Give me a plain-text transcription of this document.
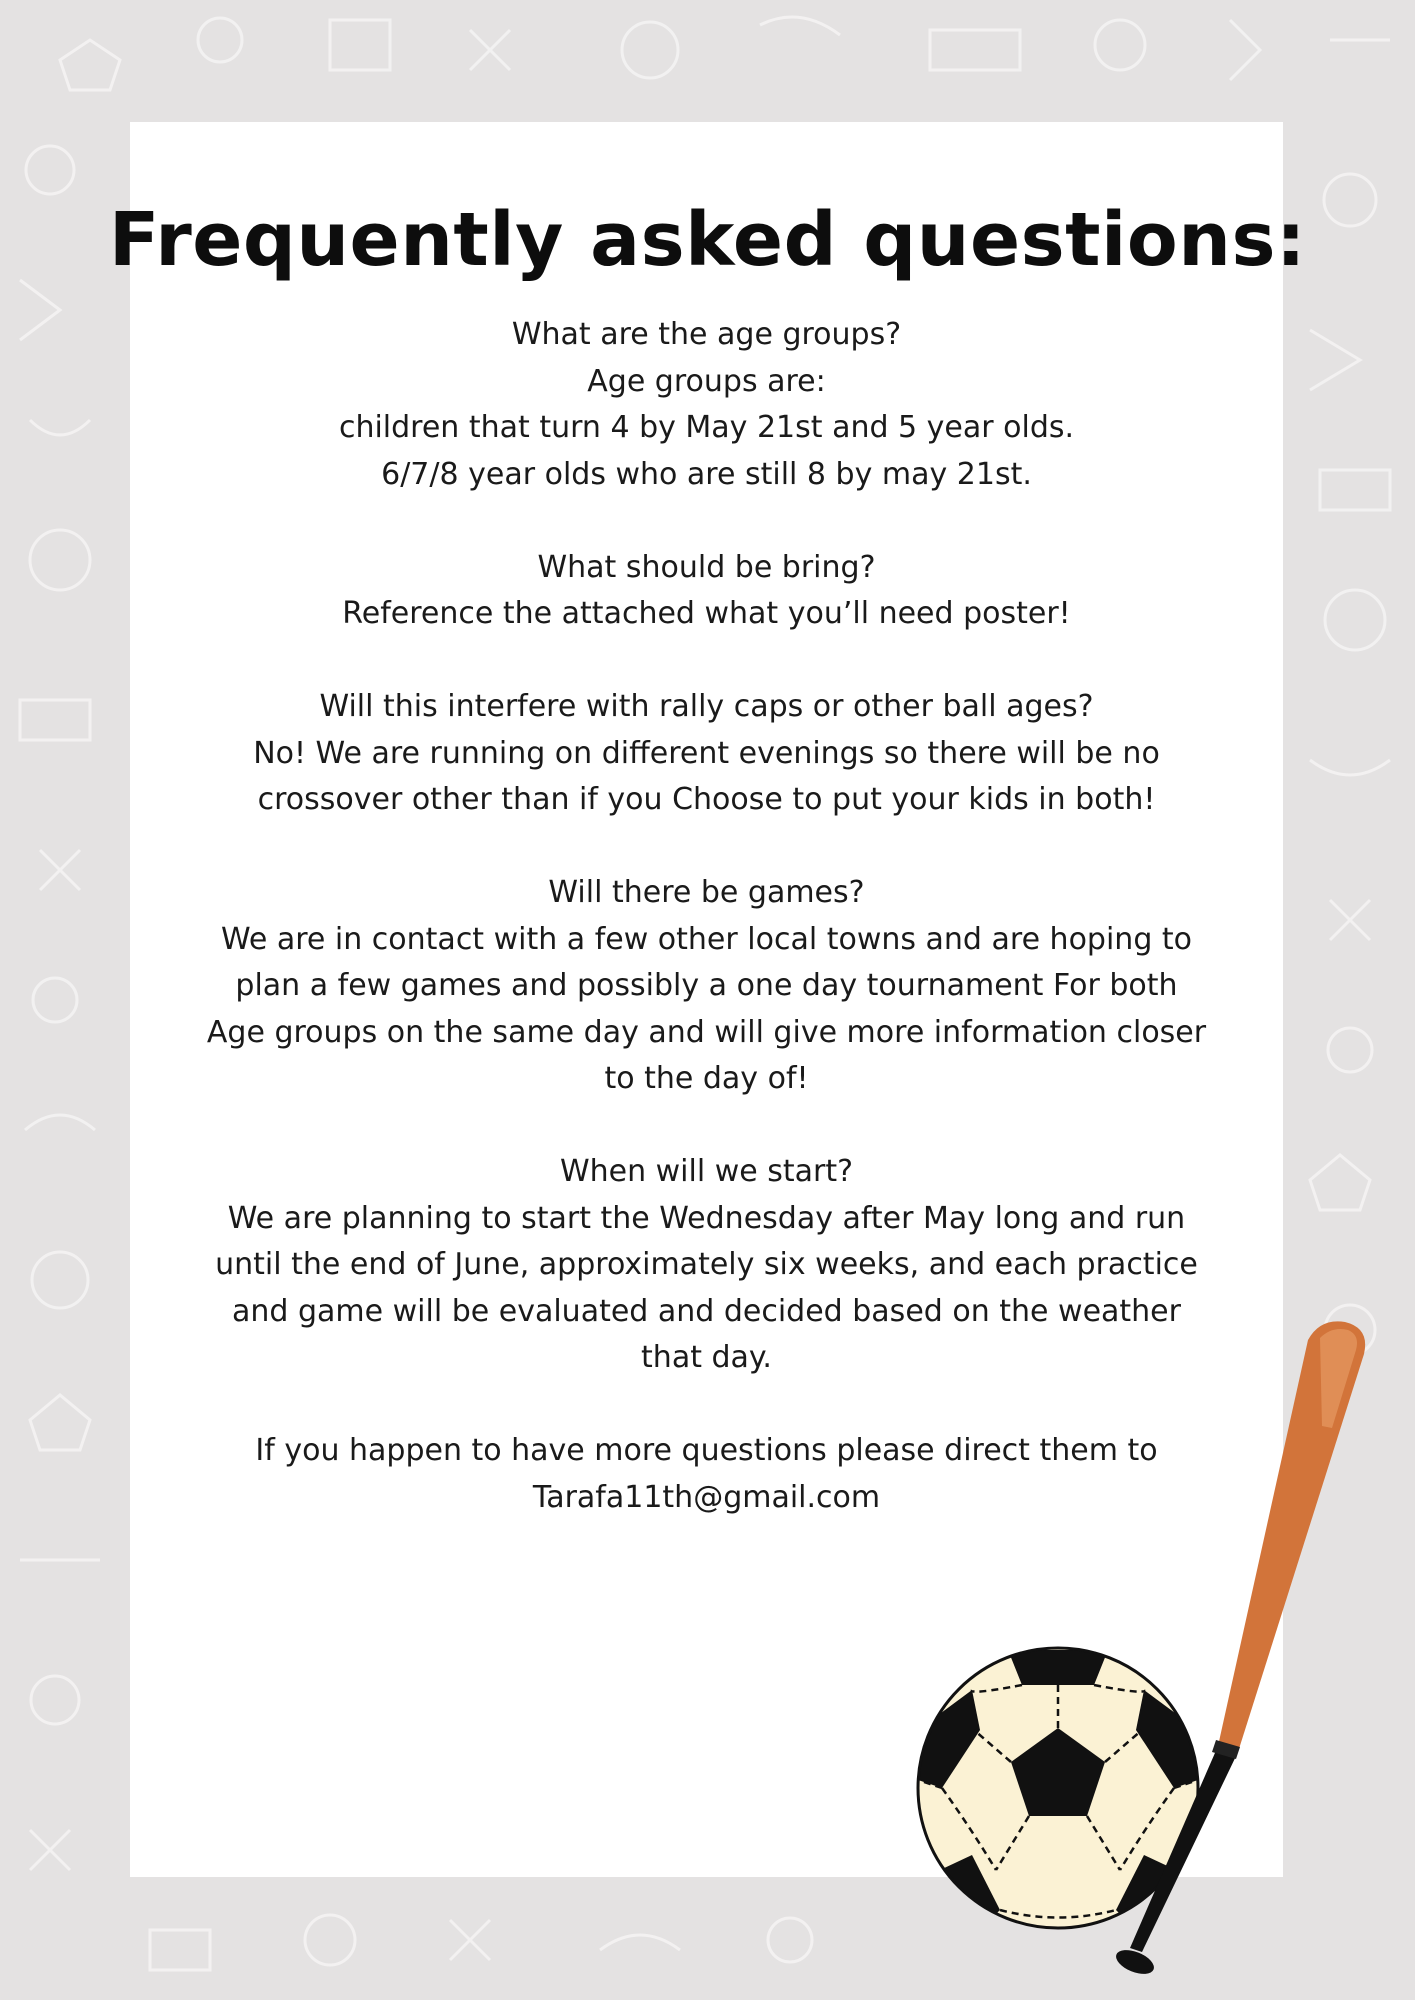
Frequently asked questions:

What are the age groups?

Age groups are:

children that turn 4 by May 21st and 5 year olds.

6/7/8 year olds who are still 8 by may 21st.

What should be bring?

Reference the attached what you’ll need poster!

Will this interfere with rally caps or other ball ages?

No! We are running on different evenings so there will be no

crossover other than if you Choose to put your kids in both!

Will there be games?

We are in contact with a few other local towns and are hoping to

plan a few games and possibly a one day tournament For both

Age groups on the same day and will give more information closer

to the day of!

When will we start?

We are planning to start the Wednesday after May long and run

until the end of June, approximately six weeks, and each practice

and game will be evaluated and decided based on the weather

that day.

If you happen to have more questions please direct them to

Tarafa11th@gmail.com
